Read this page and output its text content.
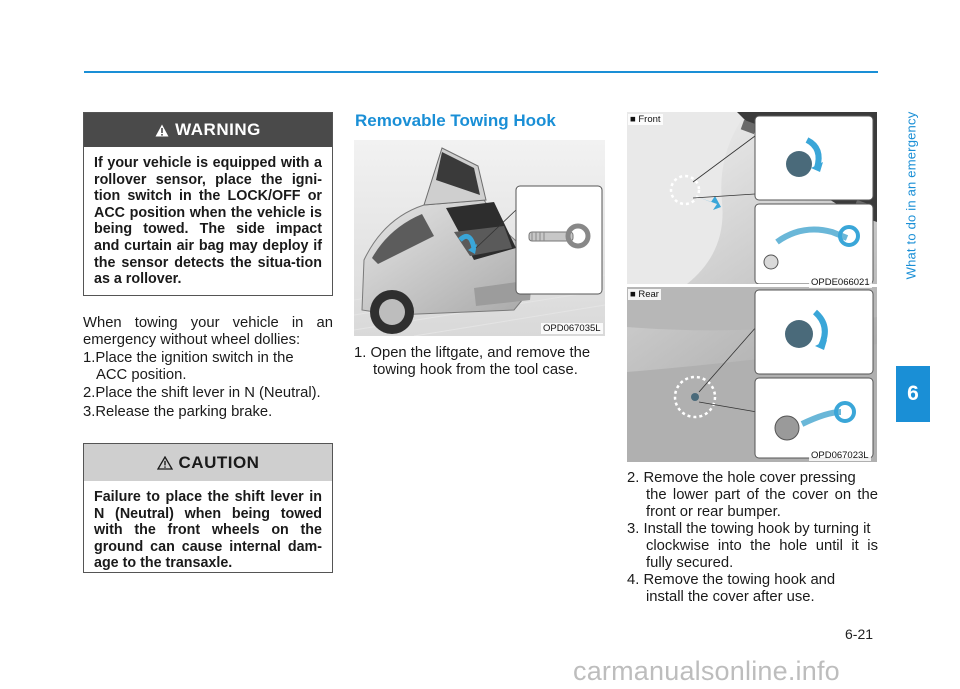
What to do in an emergency
6
WARNING
If your vehicle is equipped with a rollover sensor, place the igni-tion switch in the LOCK/OFF or ACC position when the vehicle is being towed. The side impact and curtain air bag may deploy if the sensor detects the situa-tion as a rollover.
When towing your vehicle in an emergency without wheel dollies:
1.Place the ignition switch in the
ACC position.
2.Place the shift lever in N (Neutral).
3.Release the parking brake.
CAUTION
Failure to place the shift lever in N (Neutral) when being towed with the front wheels on the ground can cause internal dam-age to the transaxle.
Removable Towing Hook
OPD067035L
1. Open the liftgate, and remove the
towing hook from the tool case.
■ Front
OPDE066021
■ Rear
OPD067023L
2. Remove the hole cover pressing
the lower part of the cover on the front or rear bumper.
3. Install the towing hook by turning it
clockwise into the hole until it is fully secured.
4. Remove the towing hook and
install the cover after use.
6-21
carmanualsonline.info
